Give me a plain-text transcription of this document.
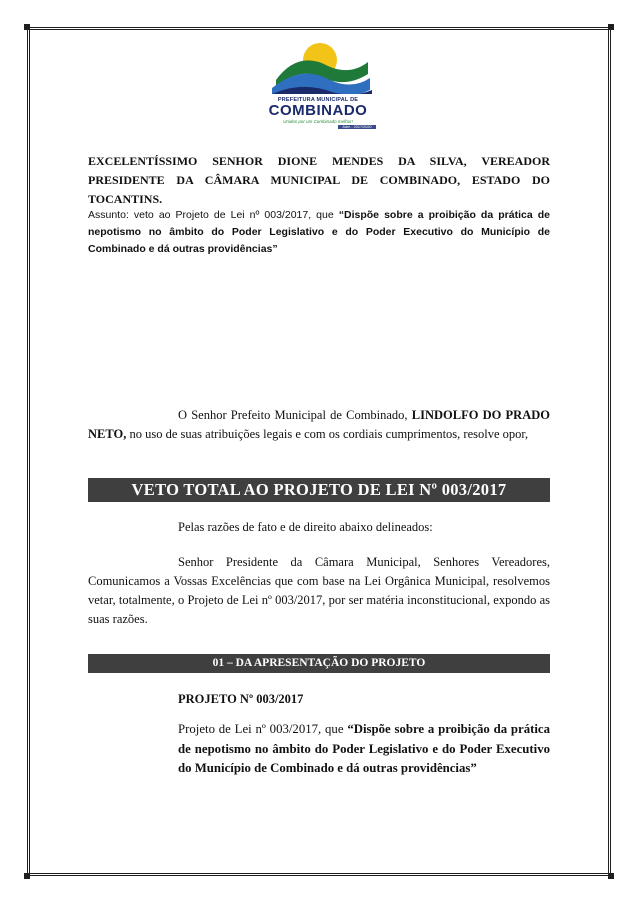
PREFEITURA MUNICIPAL DE
COMBINADO
Unidos por um Combinado melhor!
Adm - 2017/2020
EXCELENTÍSSIMO SENHOR DIONE MENDES DA SILVA, VEREADOR PRESIDENTE DA CÂMARA MUNICIPAL DE COMBINADO, ESTADO DO TOCANTINS.
Assunto: veto ao Projeto de Lei nº 003/2017, que “Dispõe sobre a proibição da prática de nepotismo no âmbito do Poder Legislativo e do Poder Executivo do Município de Combinado e dá outras providências”
O Senhor Prefeito Municipal de Combinado, LINDOLFO DO PRADO NETO, no uso de suas atribuições legais e com os cordiais cumprimentos, resolve opor,
VETO TOTAL AO PROJETO DE LEI Nº 003/2017
Pelas razões de fato e de direito abaixo delineados:
Senhor Presidente da Câmara Municipal, Senhores Vereadores, Comunicamos a Vossas Excelências que com base na Lei Orgânica Municipal, resolvemos vetar, totalmente, o Projeto de Lei nº 003/2017, por ser matéria inconstitucional, expondo as suas razões.
01 – DA APRESENTAÇÃO DO PROJETO
PROJETO Nº 003/2017
Projeto de Lei nº 003/2017, que “Dispõe sobre a proibição da prática de nepotismo no âmbito do Poder Legislativo e do Poder Executivo do Município de Combinado e dá outras providências”
